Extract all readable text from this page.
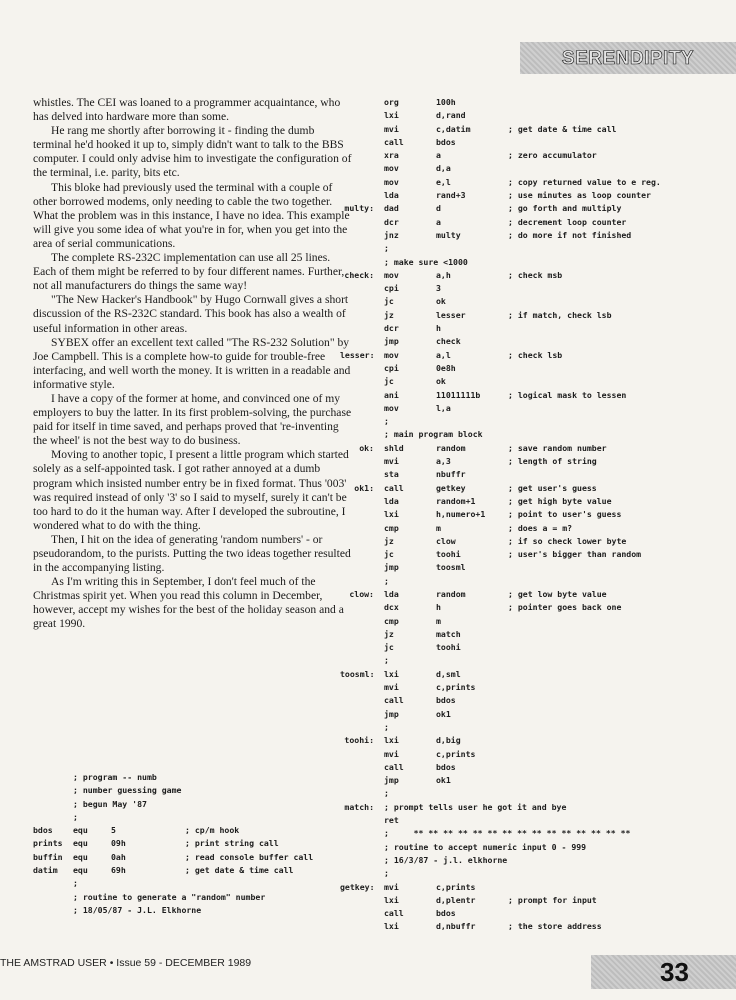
SERENDIPITY

whistles. The CEI was loaned to a programmer acquaintance, who has delved into hardware more than some.

He rang me shortly after borrowing it - finding the dumb terminal he'd hooked it up to, simply didn't want to talk to the BBS computer. I could only advise him to investigate the configuration of the terminal, i.e. parity, bits etc.

This bloke had previously used the terminal with a couple of other borrowed modems, only needing to cable the two together. What the problem was in this instance, I have no idea. This example will give you some idea of what you're in for, when you get into the area of serial communications.

The complete RS-232C implementation can use all 25 lines. Each of them might be referred to by four different names. Further, not all manufacturers do things the same way!

"The New Hacker's Handbook" by Hugo Cornwall gives a short discussion of the RS-232C standard. This book has also a wealth of useful information in other areas.

SYBEX offer an excellent text called "The RS-232 Solution" by Joe Campbell. This is a complete how-to guide for trouble-free interfacing, and well worth the money. It is written in a readable and informative style.

I have a copy of the former at home, and convinced one of my employers to buy the latter. In its first problem-solving, the purchase paid for itself in time saved, and perhaps proved that 're-inventing the wheel' is not the best way to do business.

Moving to another topic, I present a little program which started solely as a self-appointed task. I got rather annoyed at a dumb program which insisted number entry be in fixed format. Thus '003' was required instead of only '3' so I said to myself, surely it can't be too hard to do it the human way. After I developed the subroutine, I wondered what to do with the thing.

Then, I hit on the idea of generating 'random numbers' - or pseudorandom, to the purists. Putting the two ideas together resulted in the accompanying listing.

As I'm writing this in September, I don't feel much of the Christmas spirit yet. When you read this column in December, however, accept my wishes for the best of the holiday season and a great 1990.

org	100h
lxi	d,rand
mvi	c,datim	; get date & time call
call	bdos
xra	a	; zero accumulator
mov	d,a
mov	e,l	; copy returned value to e reg.
lda	rand+3	; use minutes as loop counter
multy: dad	d	; go forth and multiply
dcr	a	; decrement loop counter
jnz	multy	; do more if not finished
;
; make sure <1000
check: mov	a,h	; check msb
cpi	3
jc	ok
jz	lesser	; if match, check lsb
dcr	h
jmp	check
lesser: mov	a,l	; check lsb
cpi	0e8h
jc	ok
ani	11011111b	; logical mask to lessen
mov	l,a
;
; main program block
ok: shld	random	; save random number
mvi	a,3	; length of string
sta	nbuffr
ok1: call	getkey	; get user's guess
lda	random+1	; get high byte value
lxi	h,numero+1	; point to user's guess
cmp	m	; does a = m?
jz	clow	; if so check lower byte
jc	toohi	; user's bigger than random
jmp	toosml
;
clow: lda	random	; get low byte value
dcx	h	; pointer goes back one
cmp	m
jz	match
jc	toohi
;
toosml: lxi	d,sml
mvi	c,prints
call	bdos
jmp	ok1
;
toohi: lxi	d,big
mvi	c,prints
call	bdos
jmp	ok1
;
match: ; prompt tells user he got it and bye
ret
;     ** ** ** ** ** ** ** ** ** ** ** ** ** ** **
; routine to accept numeric input 0 - 999
; 16/3/87 - j.l. elkhorne
;
getkey: mvi	c,prints
lxi	d,plentr	; prompt for input
call	bdos
lxi	d,nbuffr	; the store address
; program -- numb
; number guessing game
; begun May '87
;
bdos equ	5	; cp/m hook
prints equ	09h	; print string call
buffin equ	0ah	; read console buffer call
datim equ	69h	; get date & time call
;
; routine to generate a "random" number
; 18/05/87 - J.L. Elkhorne
THE AMSTRAD USER • Issue 59 - DECEMBER 1989	33
